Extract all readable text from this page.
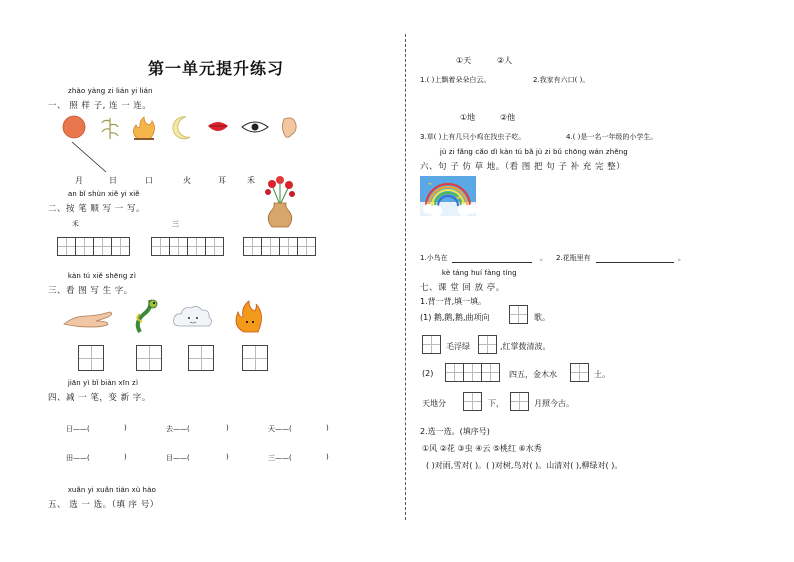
第一单元提升练习
zhào yàng zi lián yi lián
一、 照 样 子, 连 一 连。
月	日	口	火	耳	禾
an bǐ shùn xiě yi xiě
二、按 笔 顺 写 一 写。
禾	三
kàn tú xiě shēng zì
三、看 图 写 生 字。
jiān yì bǐ biàn xīn zì
四、减 一 笔，变 新 字。
日——(	)	去——(	)	天——(	)
田——(	)	目——(	)	三——(	)
xuǎn yi xuǎn tián xù hào
五、 选 一 选。（填 序 号）
①天	②人
1.( )上飘着朵朵白云。	2.我家有六口( )。
①地	②他
3.草( )上有几只小鸡在找虫子吃。	4.( )是一名一年级的小学生。
jù zi fǎng cǎo dì kàn tú bǎ jù zi bǔ chōng wán zhěng
六、句 子 仿 草 地。（看 图 把 句 子 补 充 完 整）
1.小鸟在	。 2.花瓶里有	。
kè táng huí fàng tíng
七、课 堂 回 放 亭。
1.背一背,填一填。
(1) 鹅,鹅,鹅,曲项向	歌。
毛浮绿	,红掌拨清波。
(2)	四五，金木水	土。
天地分	下，	月照今古。
2.选一选。(填序号)
①风 ②花 ③虫 ④云 ⑤桃红 ⑥水秀
( )对雨,雪对( )。( )对树,鸟对( )。山清对( ),柳绿对( )。
